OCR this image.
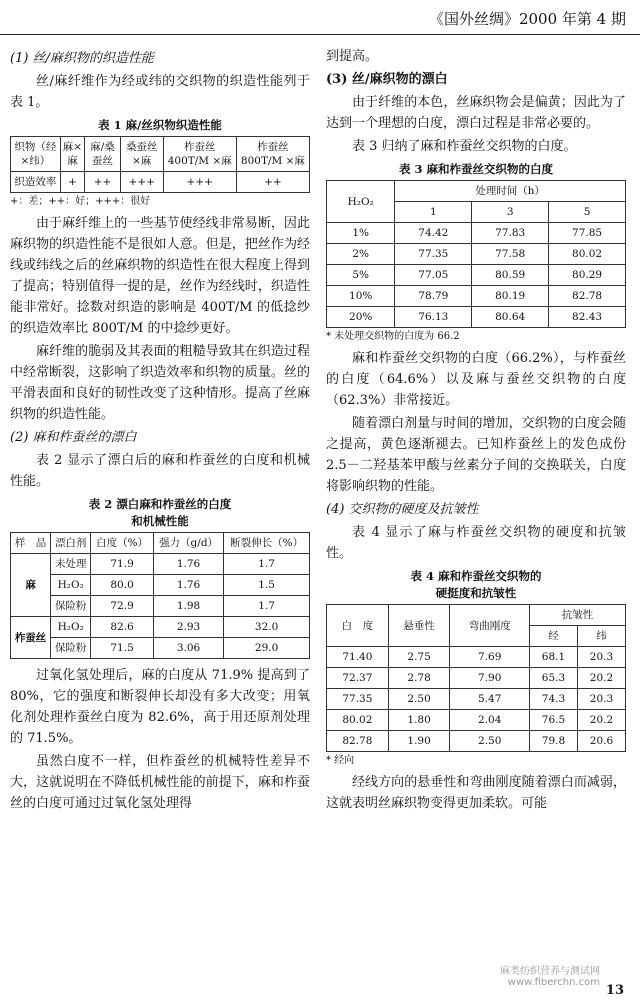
《国外丝绸》2000 年第 4 期
(1) 丝/麻织物的织造性能

丝/麻纤维作为经或纬的交织物的织造性能列于表 1。

表 1 麻/丝织物织造性能
织物（经×纬）	麻×麻	麻/桑蚕丝	桑蚕丝×麻	柞蚕丝 400T/M ×麻	柞蚕丝 800T/M ×麻
织造效率	+	++	+++	+++	++
+：差；++：好；+++：很好

由于麻纤维上的一些基节使经线非常易断，因此麻织物的织造性能不是很如人意。但是，把丝作为经线或纬线之后的丝麻织物的织造性在很大程度上得到了提高；特别值得一提的是，丝作为经线时，织造性能非常好。捻数对织造的影响是 400T/M 的低捻纱的织造效率比 800T/M 的中捻纱更好。

麻纤维的脆弱及其表面的粗糙导致其在织造过程中经常断裂，这影响了织造效率和织物的质量。丝的平滑表面和良好的韧性改变了这种情形。提高了丝麻织物的织造性能。

(2) 麻和柞蚕丝的漂白

表 2 显示了漂白后的麻和柞蚕丝的白度和机械性能。

表 2 漂白麻和柞蚕丝的白度
和机械性能
样　品	漂白剂	白度（%）	强力（g/d）	断裂伸长（%）
麻	未处理	71.9	1.76	1.7
	H₂O₂	80.0	1.76	1.5
	保险粉	72.9	1.98	1.7
柞蚕丝	H₂O₂	82.6	2.93	32.0
	保险粉	71.5	3.06	29.0

过氧化氢处理后，麻的白度从 71.9% 提高到了 80%，它的强度和断裂伸长却没有多大改变；用氧化剂处理柞蚕丝白度为 82.6%，高于用还原剂处理的 71.5%。

虽然白度不一样，但柞蚕丝的机械特性差异不大，这就说明在不降低机械性能的前提下，麻和柞蚕丝的白度可通过过氧化氢处理得

到提高。
(3) 丝/麻织物的漂白

由于纤维的本色，丝麻织物会是偏黄；因此为了达到一个理想的白度，漂白过程是非常必要的。

表 3 归纳了麻和柞蚕丝交织物的白度。

表 3 麻和柞蚕丝交织物的白度
H₂O₂	处理时间（h）		
	1	3	5
1%	74.42	77.83	77.85
2%	77.35	77.58	80.02
5%	77.05	80.59	80.29
10%	78.79	80.19	82.78
20%	76.13	80.64	82.43
* 未处理交织物的白度为 66.2

麻和柞蚕丝交织物的白度（66.2%），与柞蚕丝的白度（64.6%）以及麻与蚕丝交织物的白度（62.3%）非常接近。

随着漂白剂量与时间的增加，交织物的白度会随之提高，黄色逐渐褪去。已知柞蚕丝上的发色成份 2.5－二羟基苯甲酸与丝素分子间的交换联关，白度将影响织物的性能。

(4) 交织物的硬度及抗皱性

表 4 显示了麻与柞蚕丝交织物的硬度和抗皱性。

表 4 麻和柞蚕丝交织物的
硬挺度和抗皱性
白　度	悬垂性	弯曲刚度	抗皱性	
			经	纬
71.40	2.75	7.69	68.1	20.3
72.37	2.78	7.90	65.3	20.2
77.35	2.50	5.47	74.3	20.3
80.02	1.80	2.04	76.5	20.2
82.78	1.90	2.50	79.8	20.6
* 经向

经线方向的悬垂性和弯曲刚度随着漂白而减弱，这就表明丝麻织物变得更加柔软。可能

麻类纺织营养与测试网
www.fiberchn.com
13
